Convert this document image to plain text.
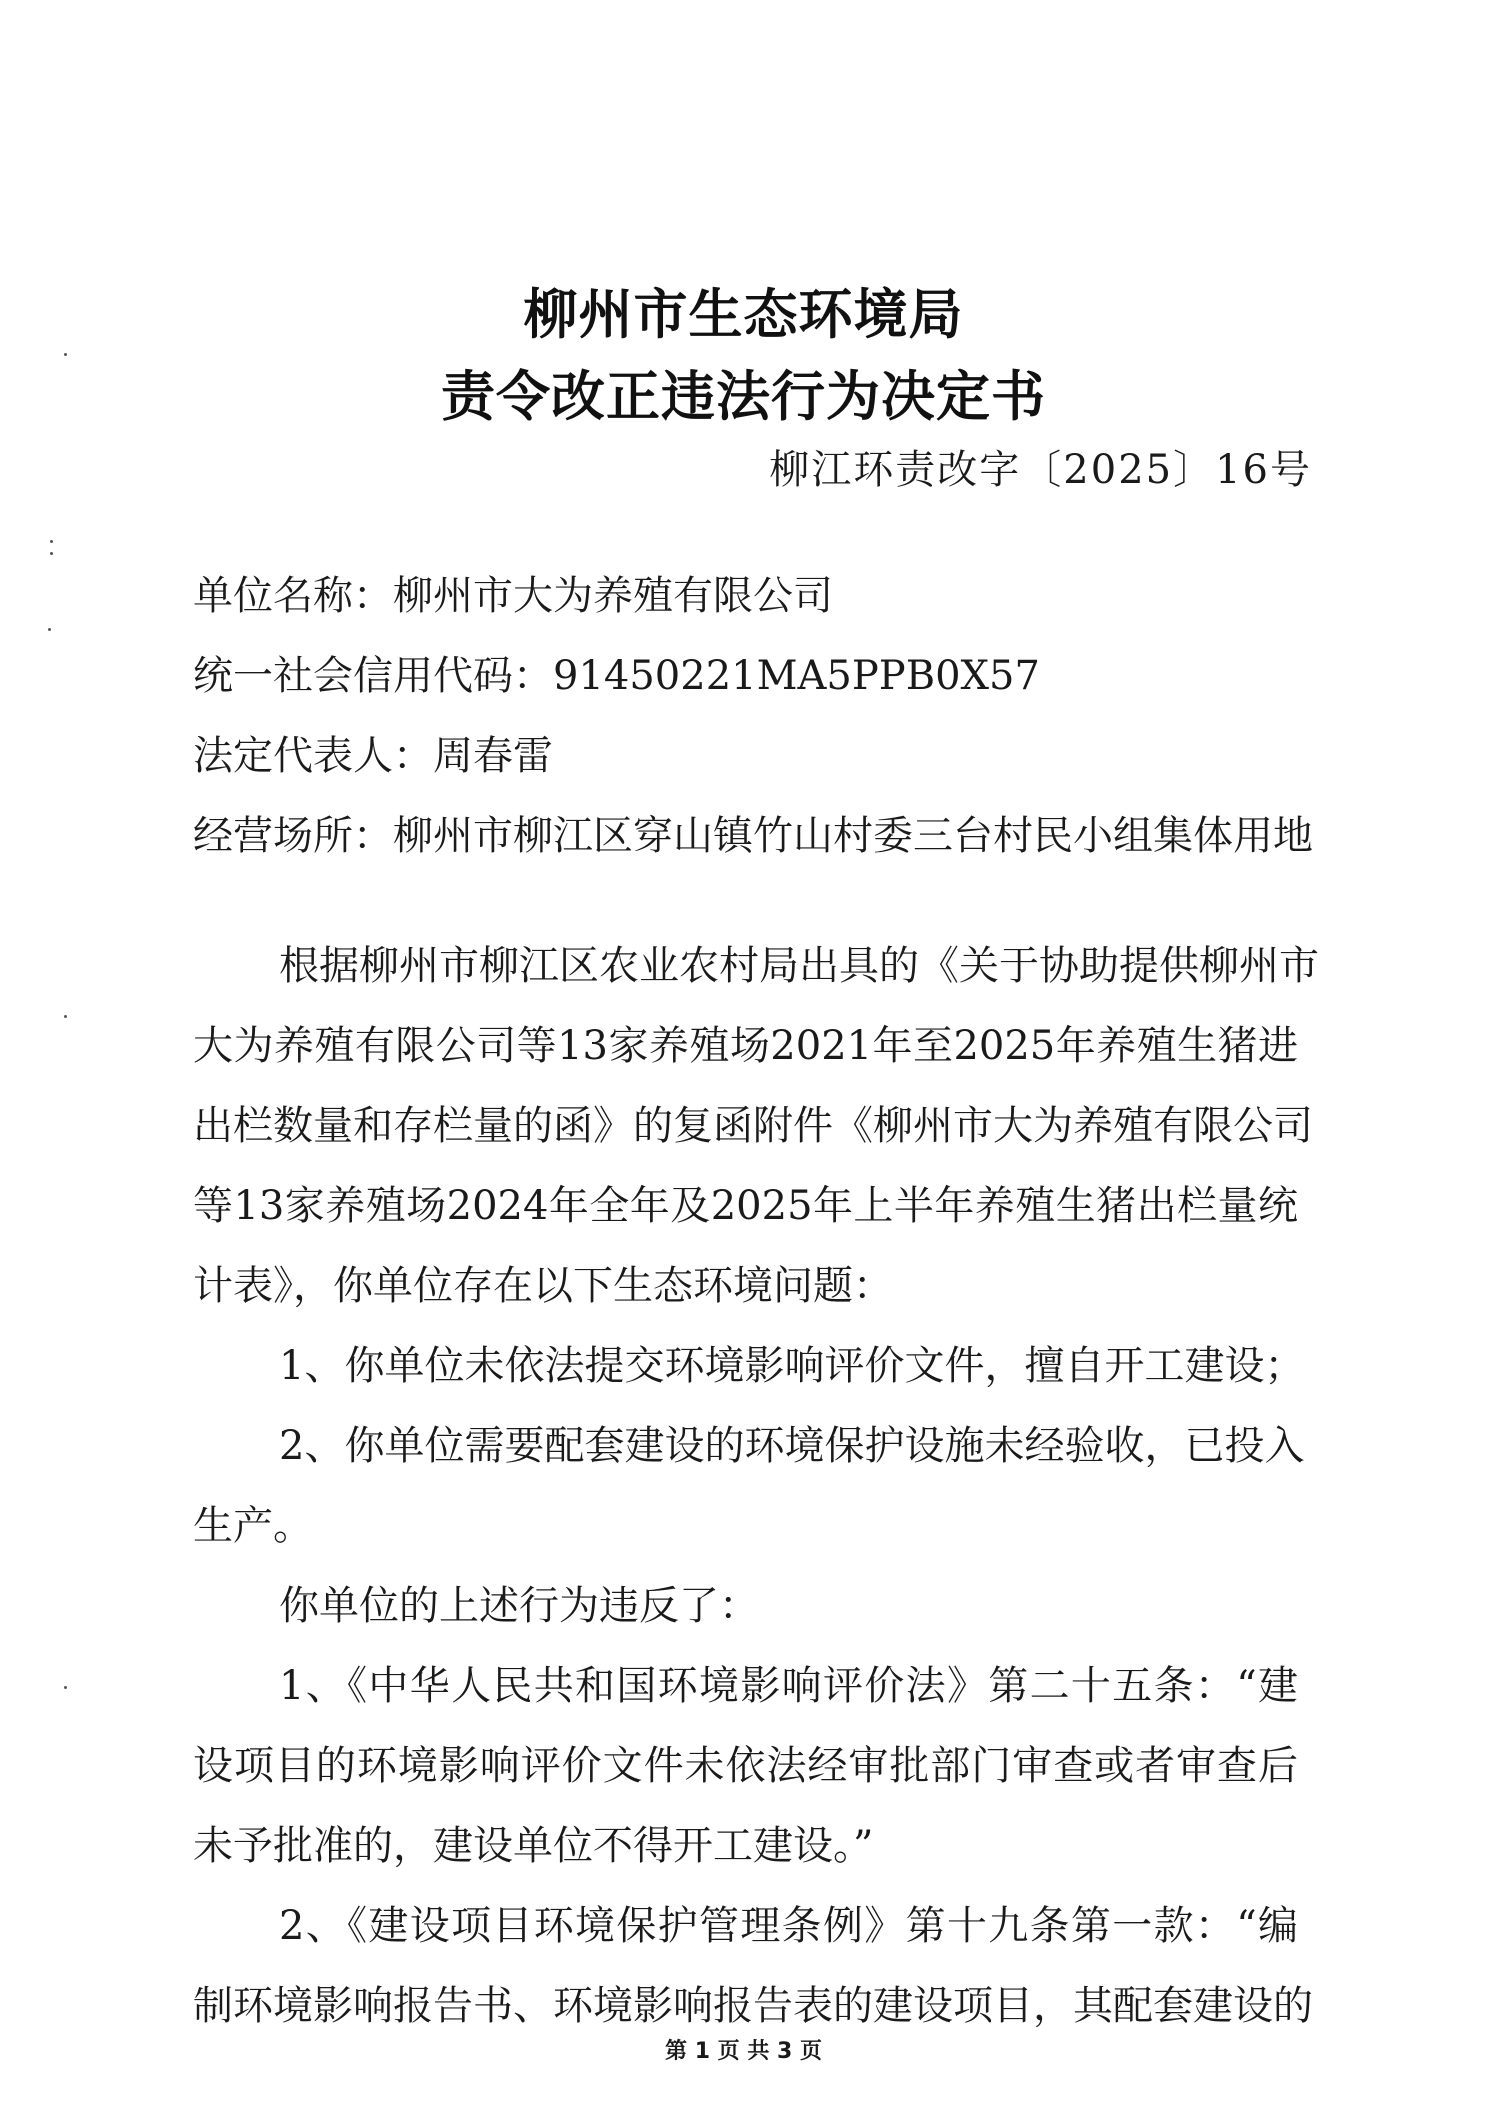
柳州市生态环境局
责令改正违法行为决定书
柳江环责改字〔2025〕16号
单位名称：柳州市大为养殖有限公司
统一社会信用代码：91450221MA5PPB0X57
法定代表人：周春雷
经营场所：柳州市柳江区穿山镇竹山村委三台村民小组集体用地
根据柳州市柳江区农业农村局出具的《关于协助提供柳州市
大为养殖有限公司等13家养殖场2021年至2025年养殖生猪进
出栏数量和存栏量的函》的复函附件《柳州市大为养殖有限公司
等13家养殖场2024年全年及2025年上半年养殖生猪出栏量统
计表》，你单位存在以下生态环境问题：
1、你单位未依法提交环境影响评价文件，擅自开工建设；
2、你单位需要配套建设的环境保护设施未经验收，已投入
生产。
你单位的上述行为违反了：
1、《中华人民共和国环境影响评价法》第二十五条：“建
设项目的环境影响评价文件未依法经审批部门审查或者审查后
未予批准的，建设单位不得开工建设。”
2、《建设项目环境保护管理条例》第十九条第一款：“编
制环境影响报告书、环境影响报告表的建设项目，其配套建设的
第 1 页 共 3 页
